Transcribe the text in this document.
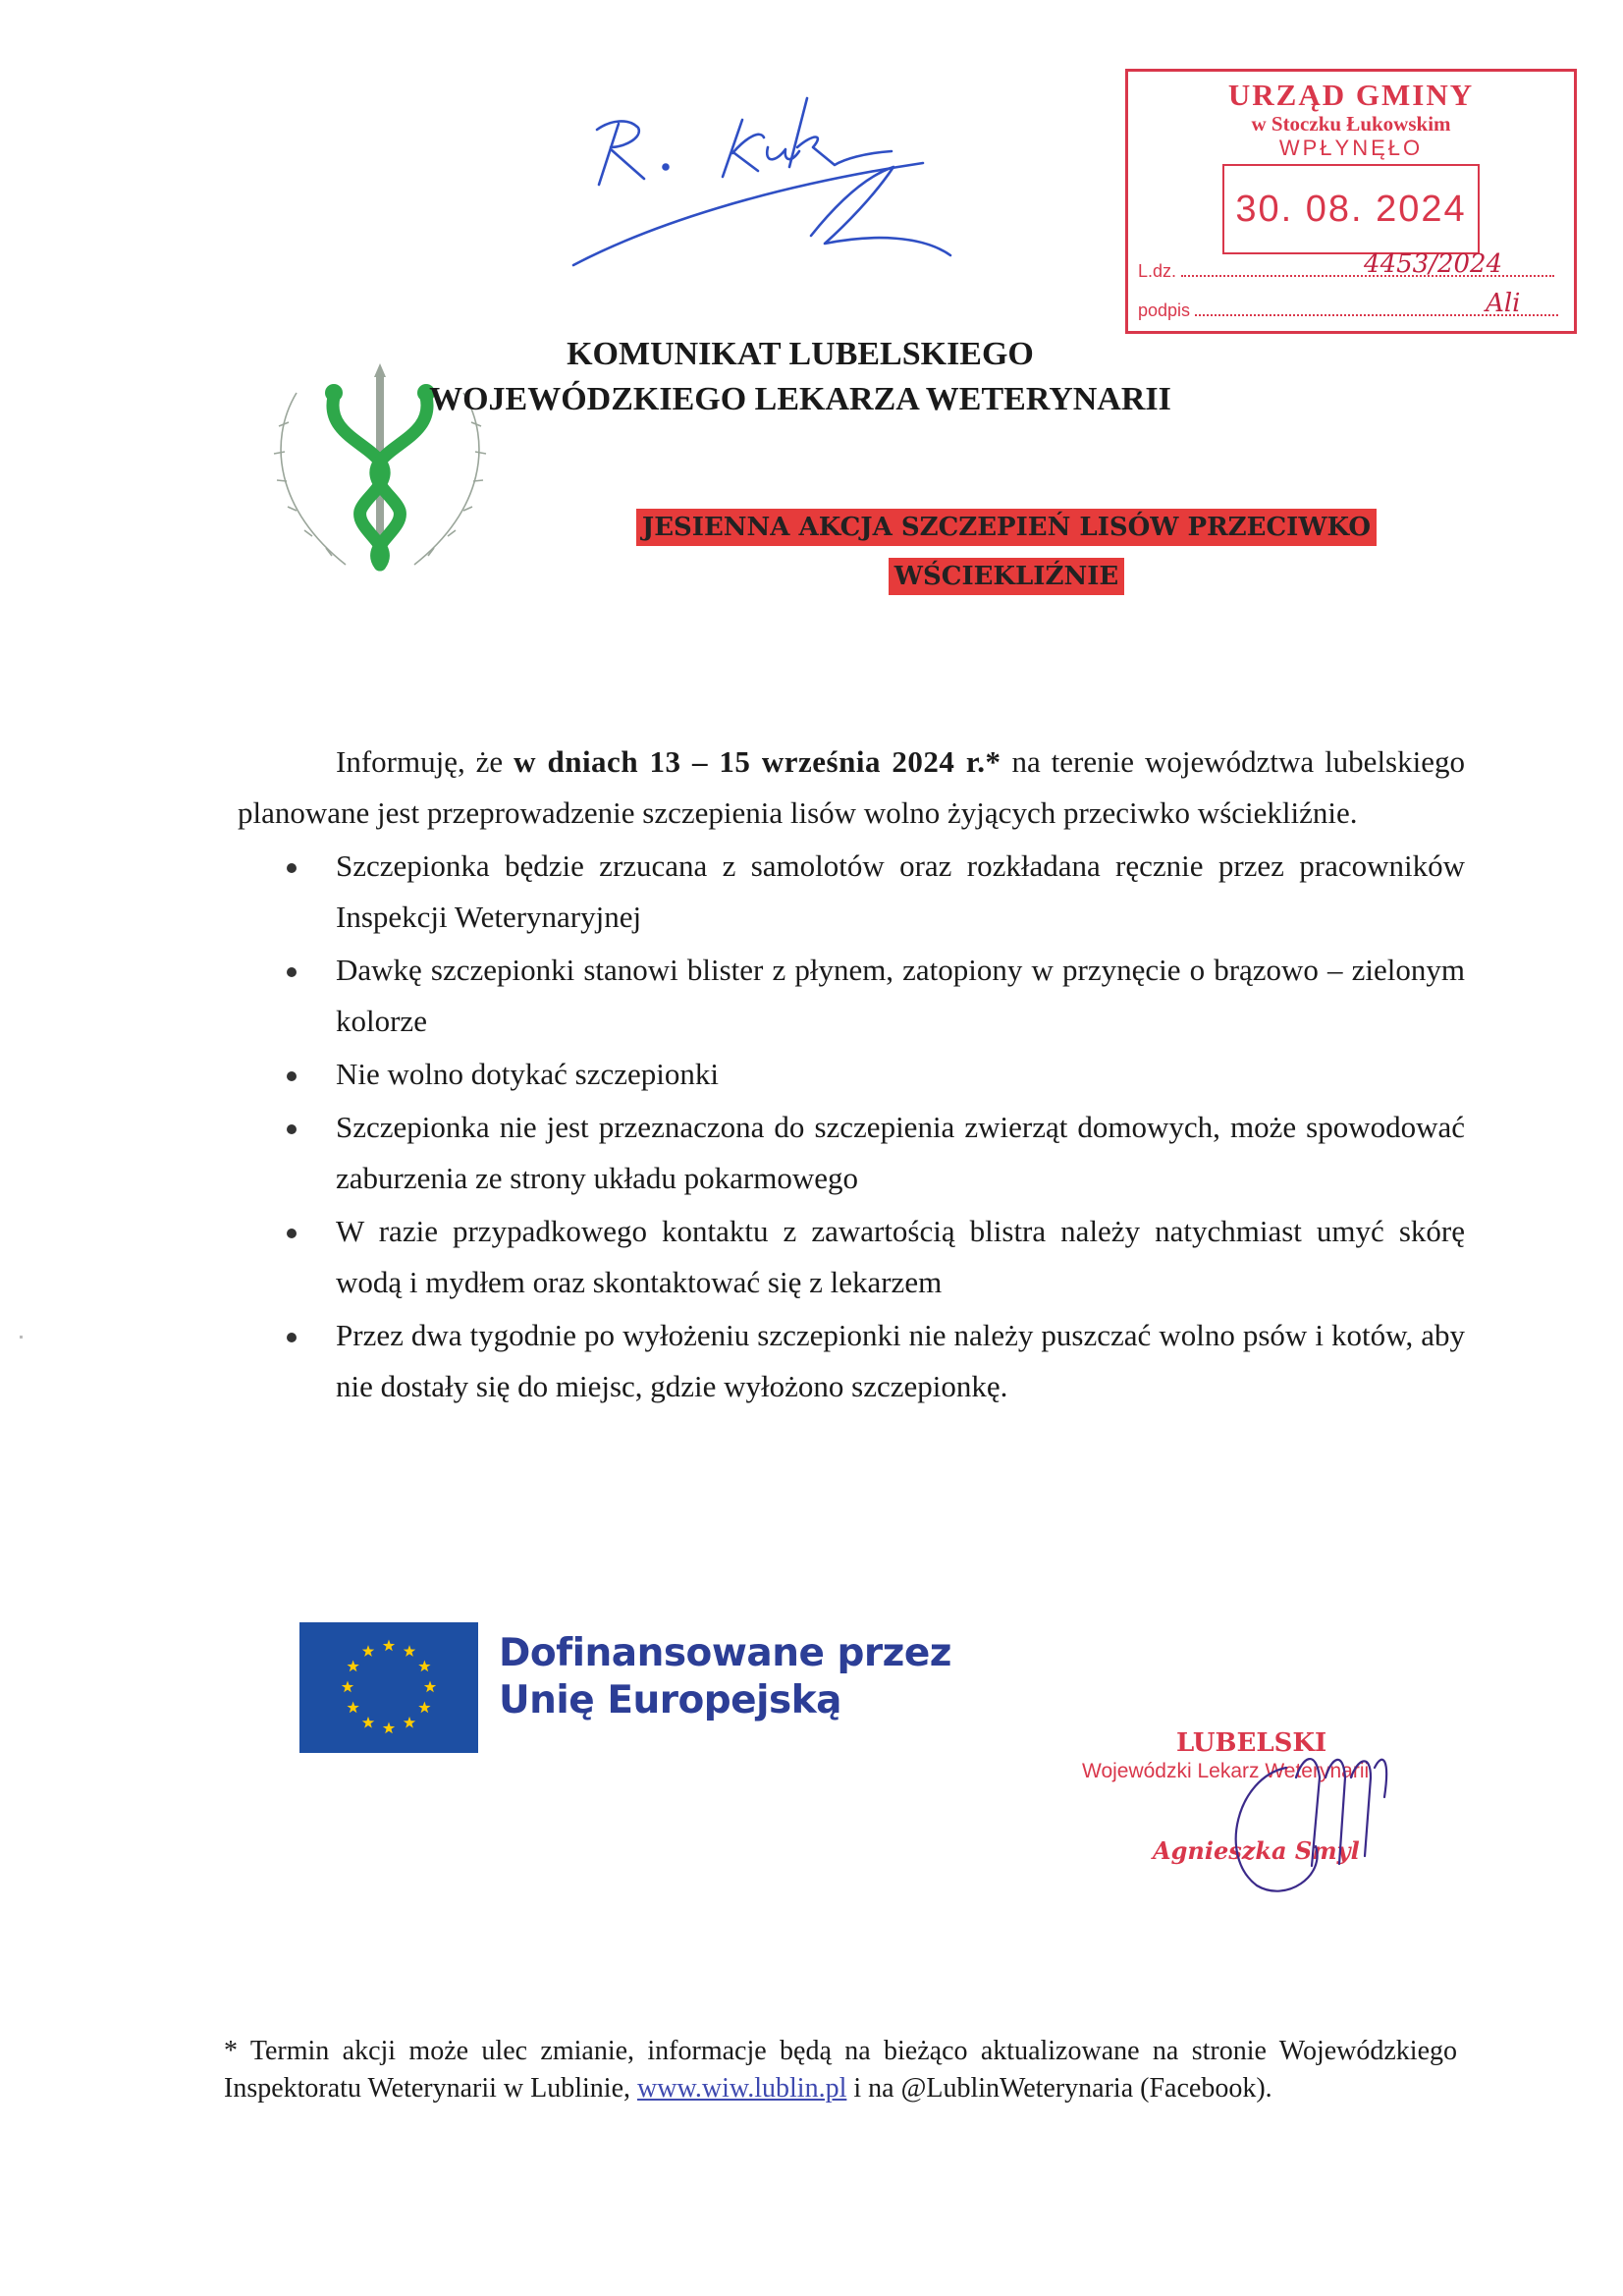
URZĄD GMINY
w Stoczku Łukowskim
WPŁYNĘŁO
30. 08. 2024
L.dz.	4453/2024
podpis	Ali
KOMUNIKAT LUBELSKIEGO
WOJEWÓDZKIEGO LEKARZA WETERYNARII
JESIENNA AKCJA SZCZEPIEŃ LISÓW PRZECIWKO
WŚCIEKLIŹNIE

Informuję, że w dniach 13 – 15 września 2024 r.* na terenie województwa lubelskiego planowane jest przeprowadzenie szczepienia lisów wolno żyjących przeciwko wściekliźnie.

Szczepionka będzie zrzucana z samolotów oraz rozkładana ręcznie przez pracowników Inspekcji Weterynaryjnej
Dawkę szczepionki stanowi blister z płynem, zatopiony w przynęcie o brązowo – zielonym kolorze
Nie wolno dotykać szczepionki
Szczepionka nie jest przeznaczona do szczepienia zwierząt domowych, może spowodować zaburzenia ze strony układu pokarmowego
W razie przypadkowego kontaktu z zawartością blistra należy natychmiast umyć skórę wodą i mydłem oraz skontaktować się z lekarzem
Przez dwa tygodnie po wyłożeniu szczepionki nie należy puszczać wolno psów i kotów, aby nie dostały się do miejsc, gdzie wyłożono szczepionkę.
Dofinansowane przez
Unię Europejską
LUBELSKI
Wojewódzki Lekarz Weterynarii
Agnieszka Smyl
* Termin akcji może ulec zmianie, informacje będą na bieżąco aktualizowane na stronie Wojewódzkiego Inspektoratu Weterynarii w Lublinie, www.wiw.lublin.pl i na @LublinWeterynaria (Facebook).
